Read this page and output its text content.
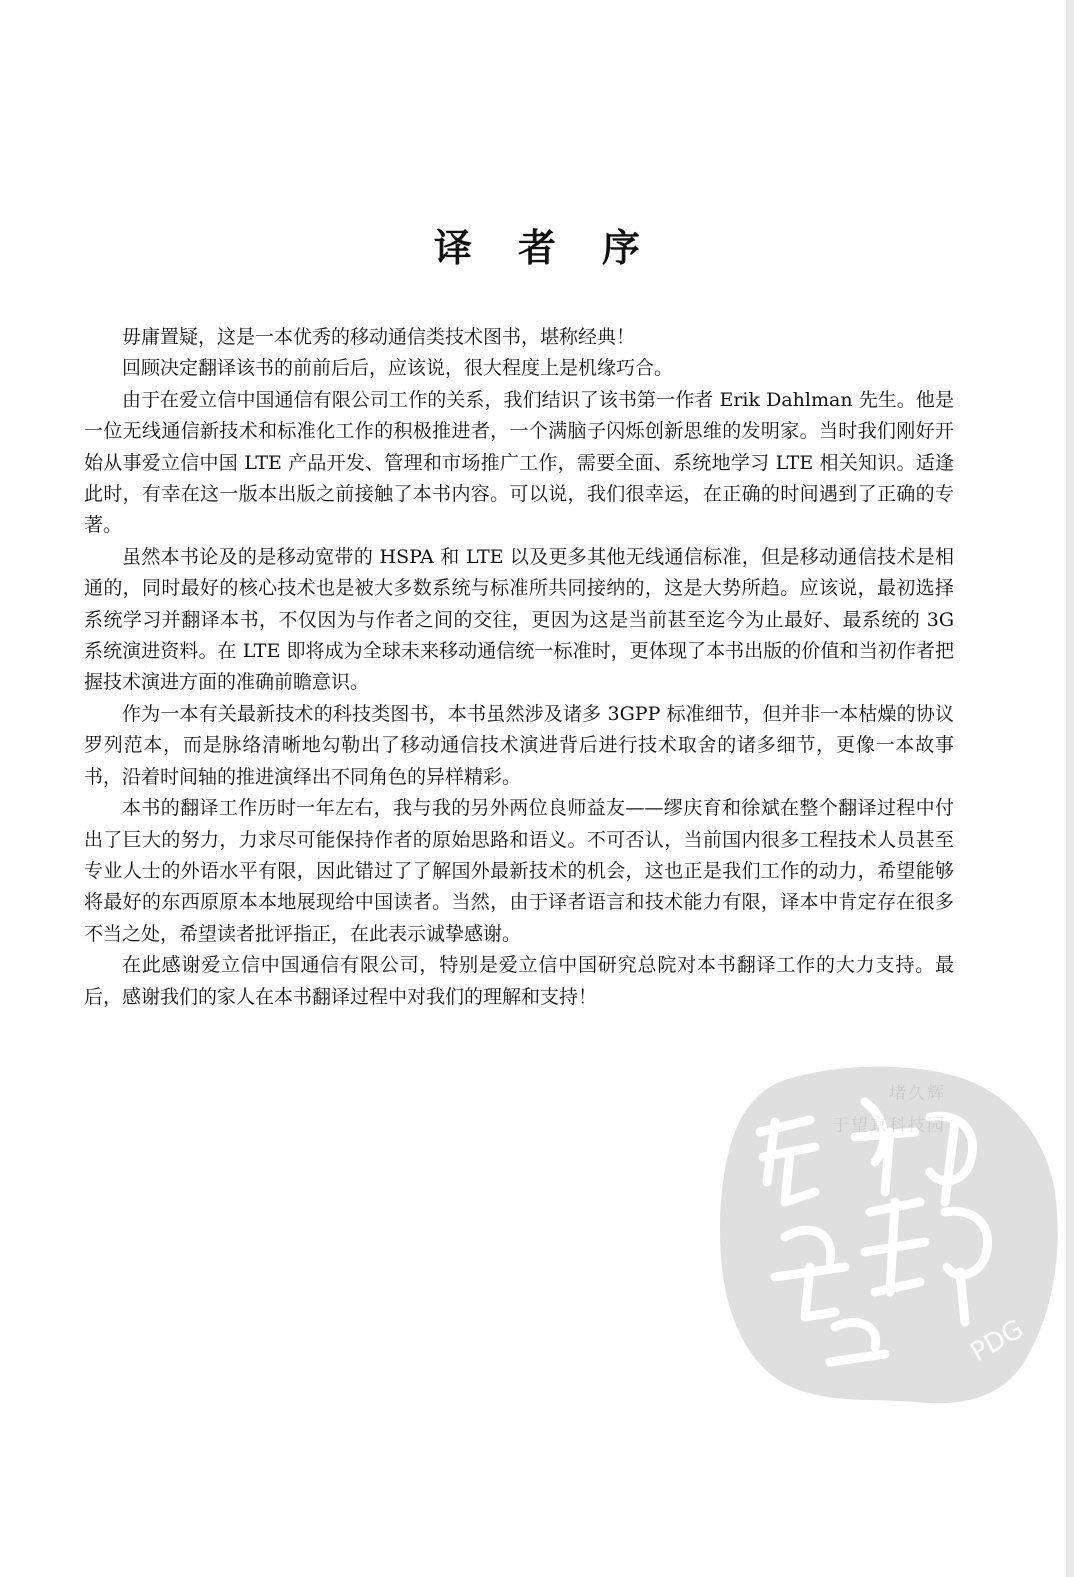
译者序

毋庸置疑，这是一本优秀的移动通信类技术图书，堪称经典！

回顾决定翻译该书的前前后后，应该说，很大程度上是机缘巧合。

由于在爱立信中国通信有限公司工作的关系，我们结识了该书第一作者 Erik Dahlman 先生。他是一位无线通信新技术和标准化工作的积极推进者，一个满脑子闪烁创新思维的发明家。当时我们刚好开始从事爱立信中国 LTE 产品开发、管理和市场推广工作，需要全面、系统地学习 LTE 相关知识。适逢此时，有幸在这一版本出版之前接触了本书内容。可以说，我们很幸运，在正确的时间遇到了正确的专著。

虽然本书论及的是移动宽带的 HSPA 和 LTE 以及更多其他无线通信标准，但是移动通信技术是相通的，同时最好的核心技术也是被大多数系统与标准所共同接纳的，这是大势所趋。应该说，最初选择系统学习并翻译本书，不仅因为与作者之间的交往，更因为这是当前甚至迄今为止最好、最系统的 3G 系统演进资料。在 LTE 即将成为全球未来移动通信统一标准时，更体现了本书出版的价值和当初作者把握技术演进方面的准确前瞻意识。

作为一本有关最新技术的科技类图书，本书虽然涉及诸多 3GPP 标准细节，但并非一本枯燥的协议罗列范本，而是脉络清晰地勾勒出了移动通信技术演进背后进行技术取舍的诸多细节，更像一本故事书，沿着时间轴的推进演绎出不同角色的异样精彩。

本书的翻译工作历时一年左右，我与我的另外两位良师益友——缪庆育和徐斌在整个翻译过程中付出了巨大的努力，力求尽可能保持作者的原始思路和语义。不可否认，当前国内很多工程技术人员甚至专业人士的外语水平有限，因此错过了了解国外最新技术的机会，这也正是我们工作的动力，希望能够将最好的东西原原本本地展现给中国读者。当然，由于译者语言和技术能力有限，译本中肯定存在很多不当之处，希望读者批评指正，在此表示诚挚感谢。

在此感谢爱立信中国通信有限公司，特别是爱立信中国研究总院对本书翻译工作的大力支持。最后，感谢我们的家人在本书翻译过程中对我们的理解和支持！

PDG
